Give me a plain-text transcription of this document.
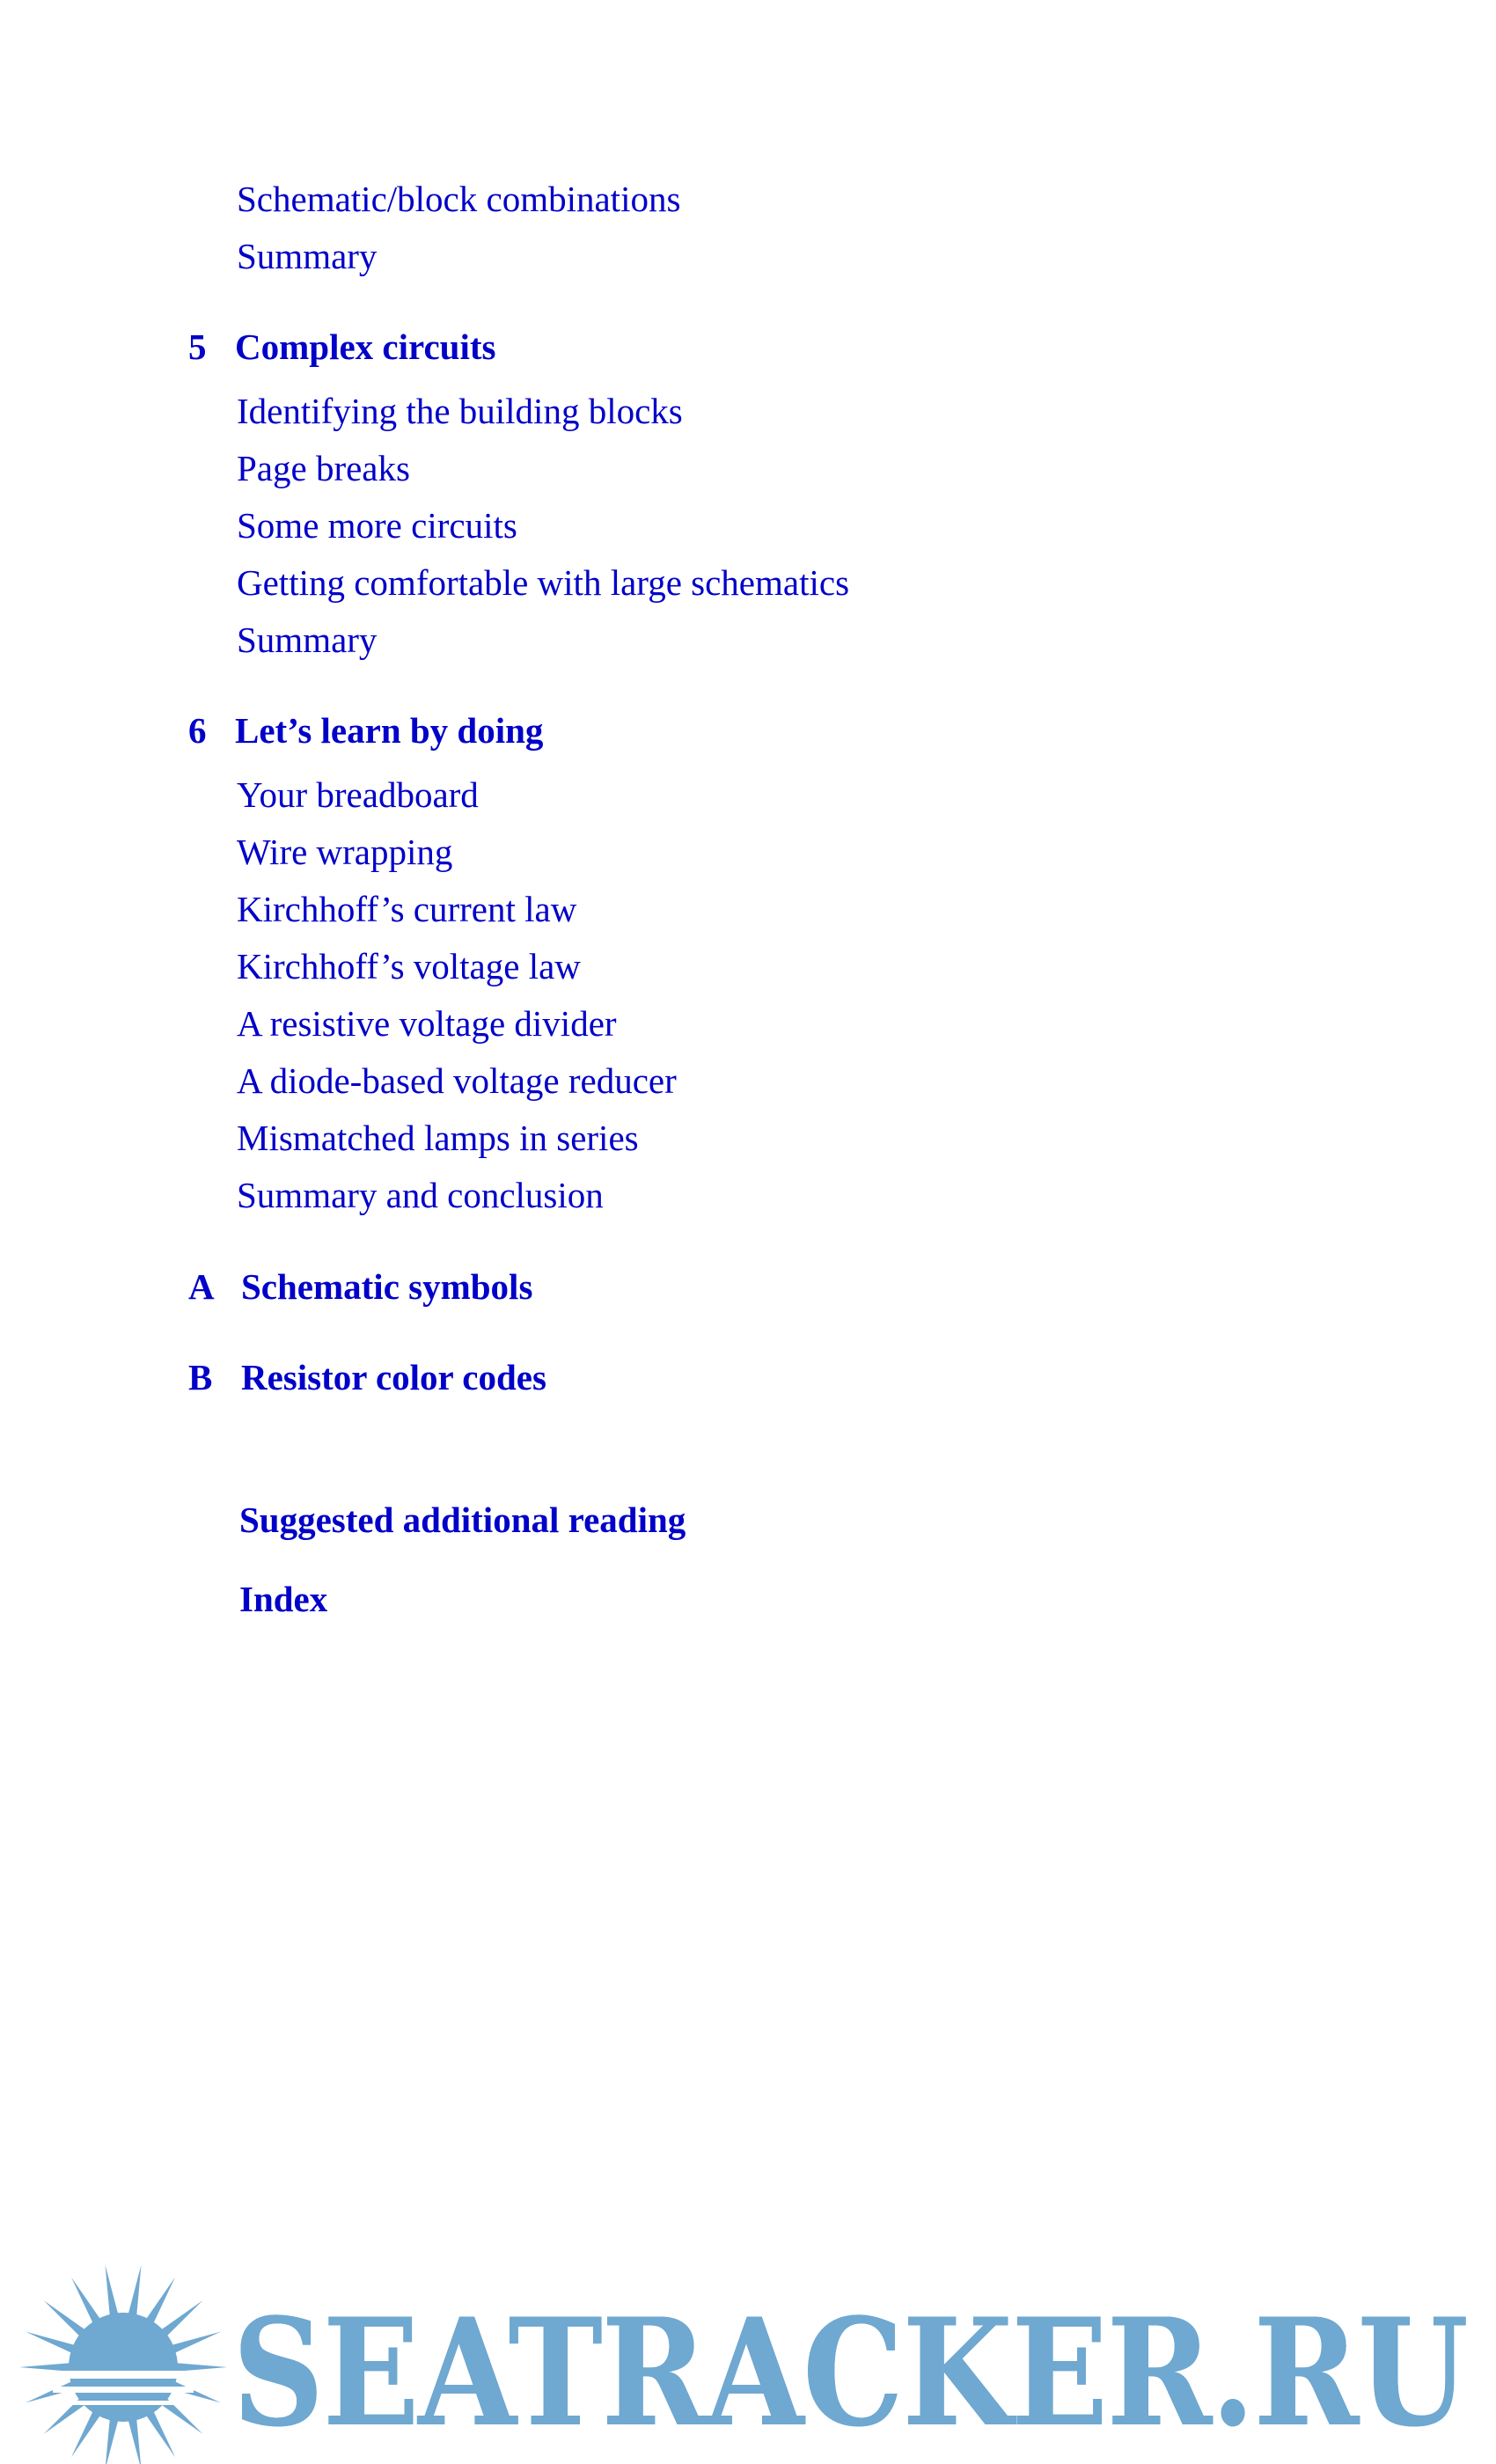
Schematic/block combinations
Summary
5 Complex circuits
Identifying the building blocks
Page breaks
Some more circuits
Getting comfortable with large schematics
Summary
6 Let’s learn by doing
Your breadboard
Wire wrapping
Kirchhoff’s current law
Kirchhoff’s voltage law
A resistive voltage divider
A diode-based voltage reducer
Mismatched lamps in series
Summary and conclusion
A Schematic symbols
B Resistor color codes
Suggested additional reading
Index
SEATRACKER.RU
